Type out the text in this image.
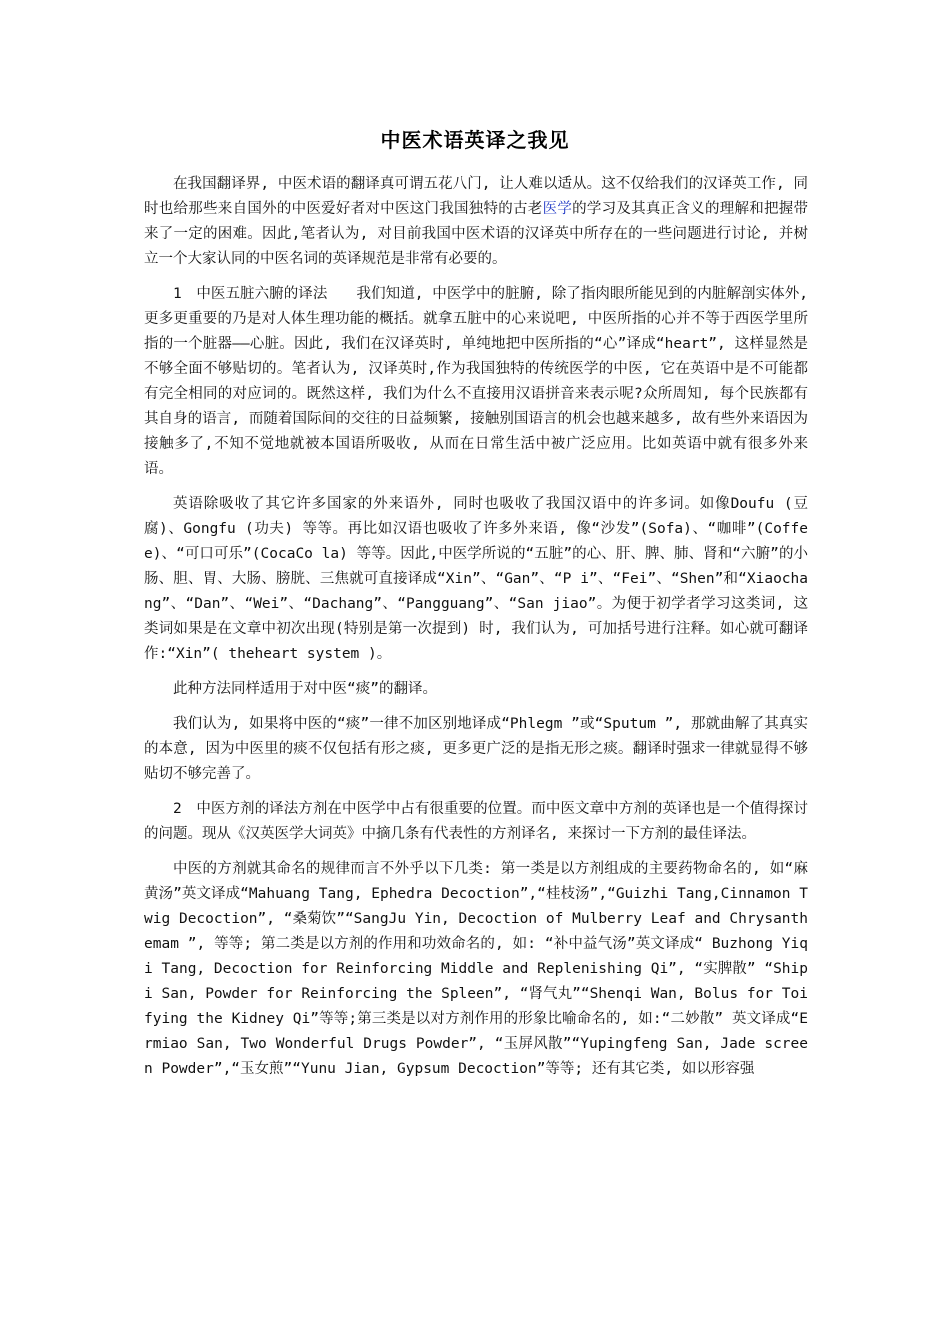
中医术语英译之我见

在我国翻译界, 中医术语的翻译真可谓五花八门, 让人难以适从。这不仅给我们的汉译英工作, 同时也给那些来自国外的中医爱好者对中医这门我国独特的古老医学的学习及其真正含义的理解和把握带来了一定的困难。因此,笔者认为, 对目前我国中医术语的汉译英中所存在的一些问题进行讨论, 并树立一个大家认同的中医名词的英译规范是非常有必要的。

1　中医五脏六腑的译法　　我们知道, 中医学中的脏腑, 除了指肉眼所能见到的内脏解剖实体外, 更多更重要的乃是对人体生理功能的概括。就拿五脏中的心来说吧, 中医所指的心并不等于西医学里所指的一个脏器——心脏。因此, 我们在汉译英时, 单纯地把中医所指的“心”译成“heart”, 这样显然是不够全面不够贴切的。笔者认为, 汉译英时,作为我国独特的传统医学的中医, 它在英语中是不可能都有完全相同的对应词的。既然这样, 我们为什么不直接用汉语拼音来表示呢?众所周知, 每个民族都有其自身的语言, 而随着国际间的交往的日益频繁, 接触别国语言的机会也越来越多, 故有些外来语因为接触多了,不知不觉地就被本国语所吸收, 从而在日常生活中被广泛应用。比如英语中就有很多外来语。

英语除吸收了其它许多国家的外来语外, 同时也吸收了我国汉语中的许多词。如像Doufu (豆腐)、Gongfu (功夫) 等等。再比如汉语也吸收了许多外来语, 像“沙发”(Sofa)、“咖啡”(Coffee)、“可口可乐”(CocaCo la) 等等。因此,中医学所说的“五脏”的心、肝、脾、肺、肾和“六腑”的小肠、胆、胃、大肠、膀胱、三焦就可直接译成“Xin”、“Gan”、“P i”、“Fei”、“Shen”和“Xiaochang”、“Dan”、“Wei”、“Dachang”、“Pangguang”、“San jiao”。为便于初学者学习这类词, 这类词如果是在文章中初次出现(特别是第一次提到) 时, 我们认为, 可加括号进行注释。如心就可翻译作:“Xin”( theheart system )。

此种方法同样适用于对中医“痰”的翻译。

我们认为, 如果将中医的“痰”一律不加区别地译成“Phlegm ”或“Sputum ”, 那就曲解了其真实的本意, 因为中医里的痰不仅包括有形之痰, 更多更广泛的是指无形之痰。翻译时强求一律就显得不够贴切不够完善了。

2　中医方剂的译法方剂在中医学中占有很重要的位置。而中医文章中方剂的英译也是一个值得探讨的问题。现从《汉英医学大词英》中摘几条有代表性的方剂译名, 来探讨一下方剂的最佳译法。

中医的方剂就其命名的规律而言不外乎以下几类: 第一类是以方剂组成的主要药物命名的, 如“麻黄汤”英文译成“Mahuang Tang, Ephedra Decoction”,“桂枝汤”,“Guizhi Tang,Cinnamon Twig Decoction”, “桑菊饮”“SangJu Yin, Decoction of Mulberry Leaf and Chrysanthemam ”, 等等; 第二类是以方剂的作用和功效命名的, 如: “补中益气汤”英文译成“ Buzhong Yiqi Tang, Decoction for Reinforcing Middle and Replenishing Qi”, “实脾散” “Shipi San, Powder for Reinforcing the Spleen”, “肾气丸”“Shenqi Wan, Bolus for Toifying the Kidney Qi”等等;第三类是以对方剂作用的形象比喻命名的, 如:“二妙散” 英文译成“Ermiao San, Two Wonderful Drugs Powder”, “玉屏风散”“Yupingfeng San, Jade screen Powder”,“玉女煎”“Yunu Jian, Gypsum Decoction”等等; 还有其它类, 如以形容强
